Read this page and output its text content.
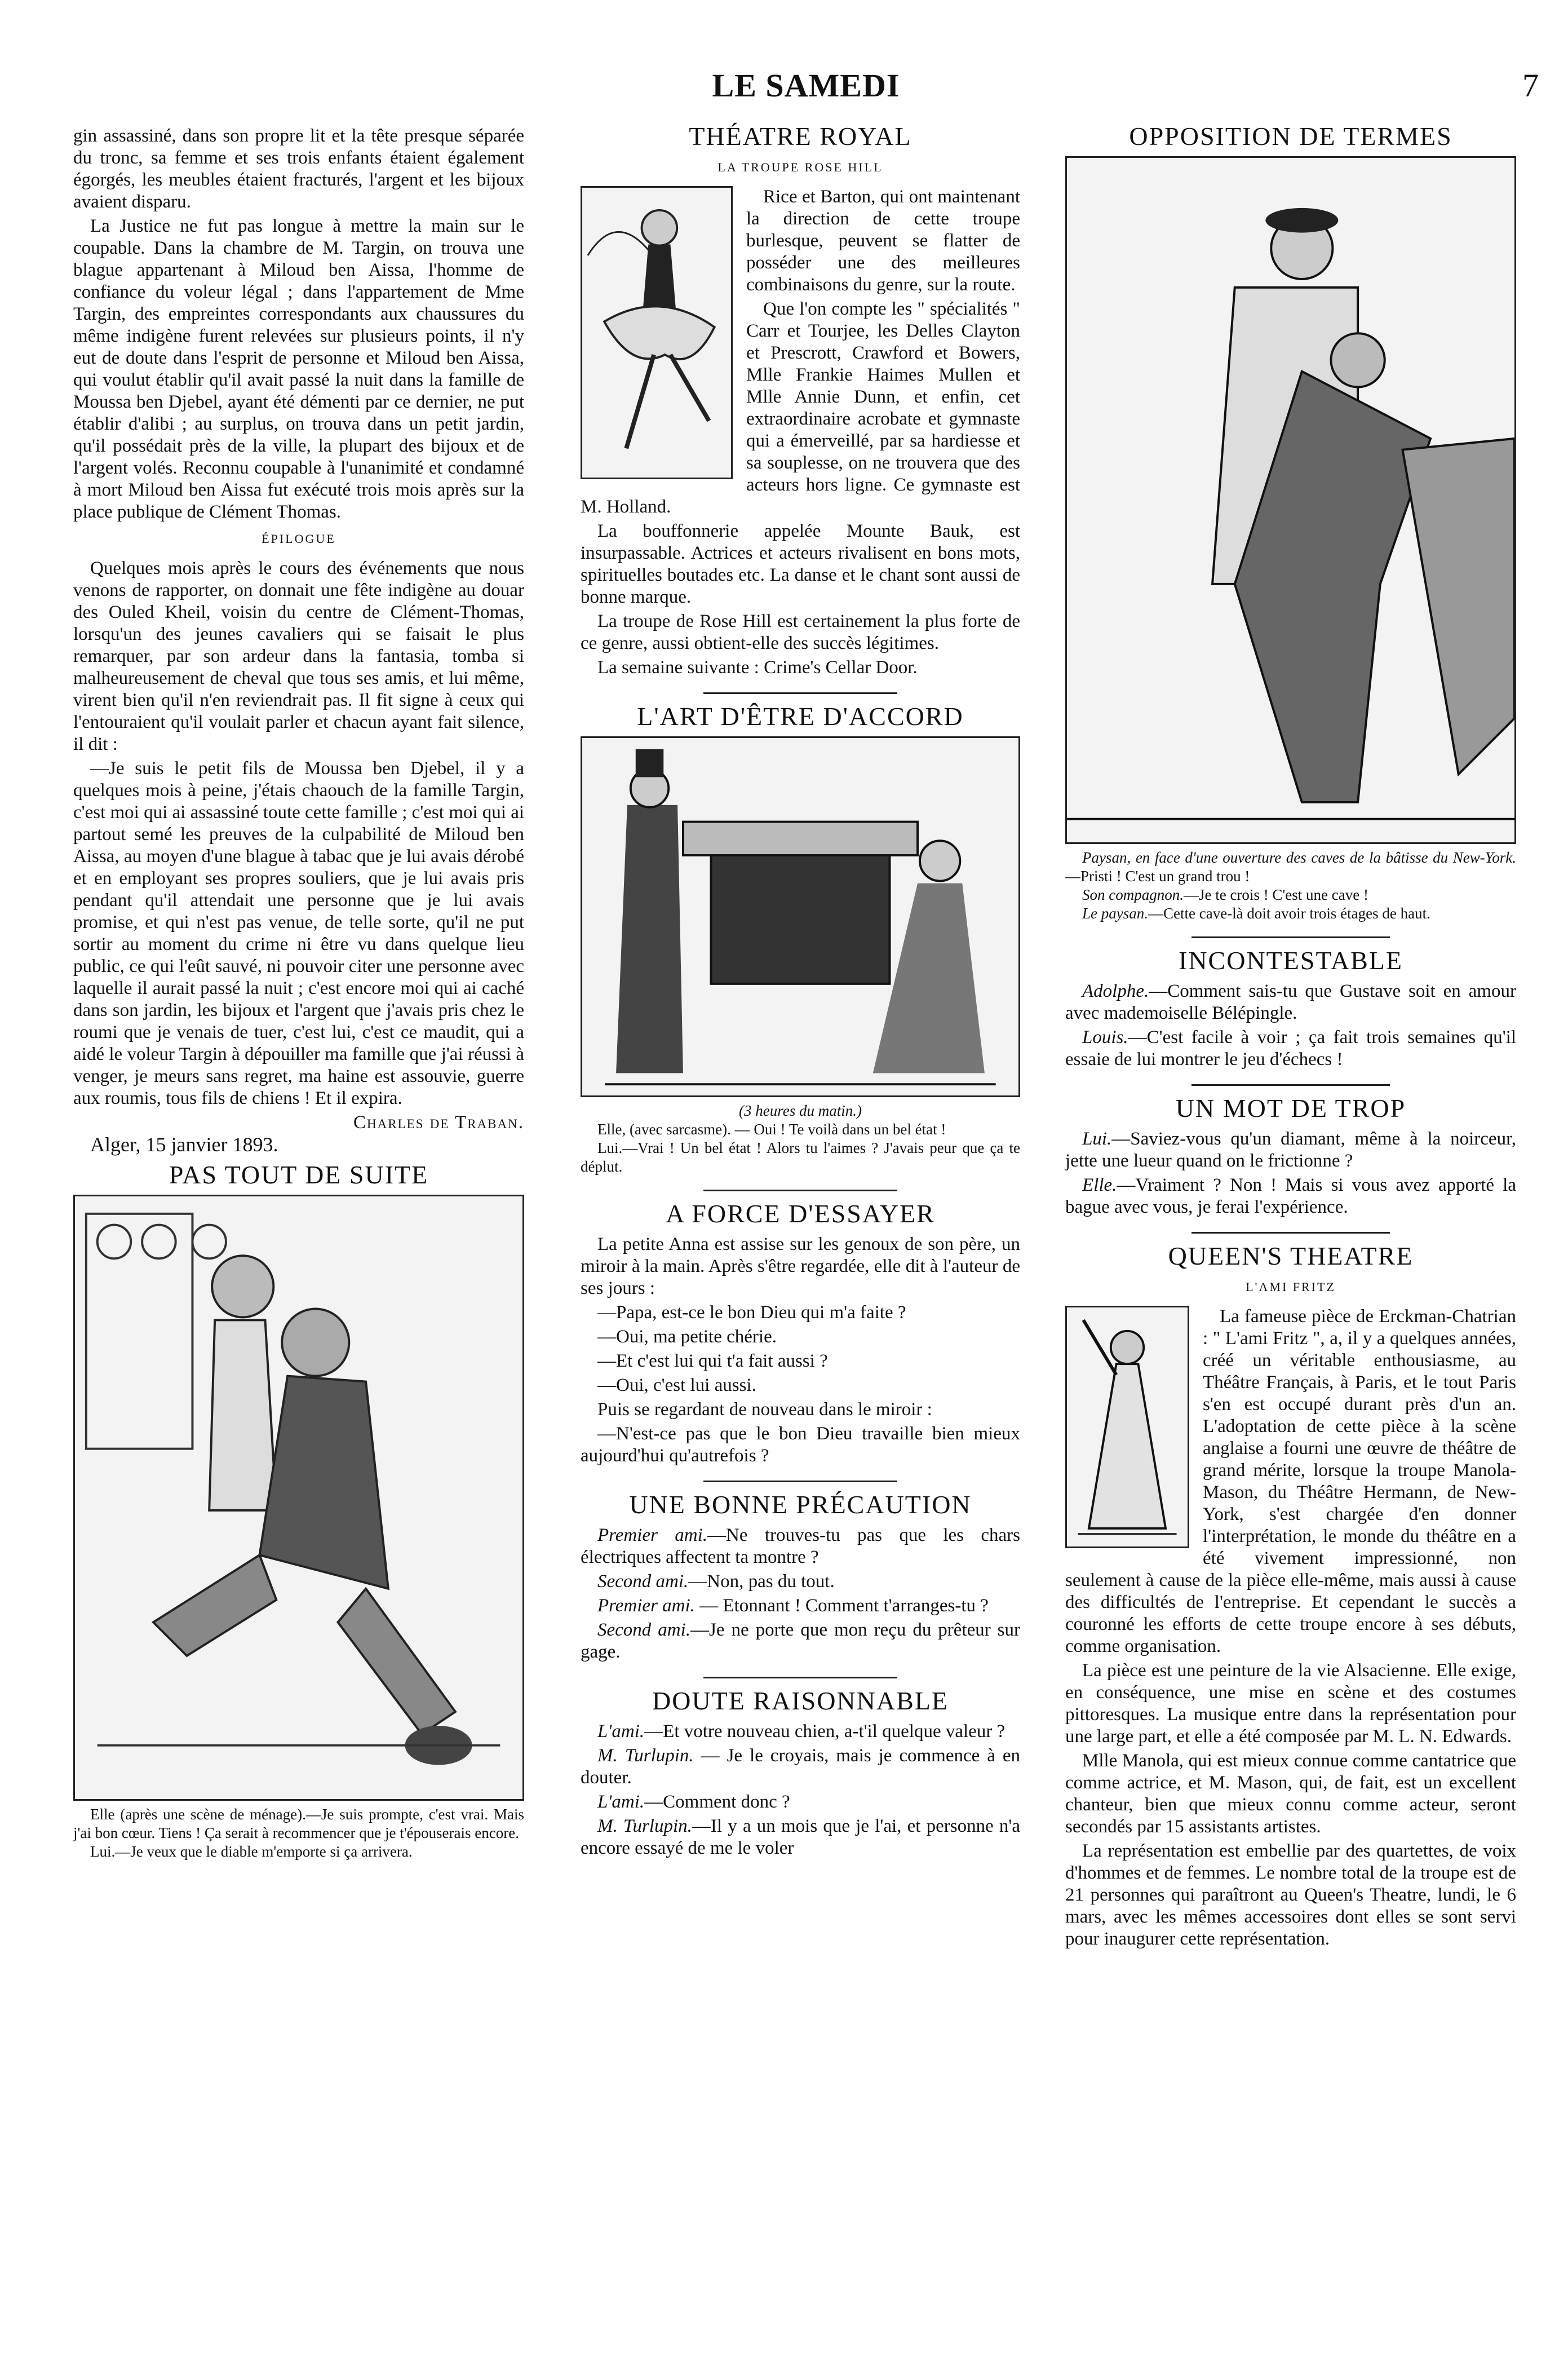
LE SAMEDI	7

gin assassiné, dans son propre lit et la tête presque séparée du tronc, sa femme et ses trois enfants étaient également égorgés, les meubles étaient fracturés, l'argent et les bijoux avaient disparu.

La Justice ne fut pas longue à mettre la main sur le coupable. Dans la chambre de M. Targin, on trouva une blague appartenant à Miloud ben Aissa, l'homme de confiance du voleur légal ; dans l'appartement de Mme Targin, des empreintes correspondants aux chaussures du même indigène furent relevées sur plusieurs points, il n'y eut de doute dans l'esprit de personne et Miloud ben Aissa, qui voulut établir qu'il avait passé la nuit dans la famille de Moussa ben Djebel, ayant été démenti par ce dernier, ne put établir d'alibi ; au surplus, on trouva dans un petit jardin, qu'il possédait près de la ville, la plupart des bijoux et de l'argent volés. Reconnu coupable à l'unanimité et condamné à mort Miloud ben Aissa fut exécuté trois mois après sur la place publique de Clément Thomas.

ÉPILOGUE

Quelques mois après le cours des événements que nous venons de rapporter, on donnait une fête indigène au douar des Ouled Kheil, voisin du centre de Clément-Thomas, lorsqu'un des jeunes cavaliers qui se faisait le plus remarquer, par son ardeur dans la fantasia, tomba si malheureusement de cheval que tous ses amis, et lui même, virent bien qu'il n'en reviendrait pas. Il fit signe à ceux qui l'entouraient qu'il voulait parler et chacun ayant fait silence, il dit :

—Je suis le petit fils de Moussa ben Djebel, il y a quelques mois à peine, j'étais chaouch de la famille Targin, c'est moi qui ai assassiné toute cette famille ; c'est moi qui ai partout semé les preuves de la culpabilité de Miloud ben Aissa, au moyen d'une blague à tabac que je lui avais dérobé et en employant ses propres souliers, que je lui avais pris pendant qu'il attendait une personne que je lui avais promise, et qui n'est pas venue, de telle sorte, qu'il ne put sortir au moment du crime ni être vu dans quelque lieu public, ce qui l'eût sauvé, ni pouvoir citer une personne avec laquelle il aurait passé la nuit ; c'est encore moi qui ai caché dans son jardin, les bijoux et l'argent que j'avais pris chez le roumi que je venais de tuer, c'est lui, c'est ce maudit, qui a aidé le voleur Targin à dépouiller ma famille que j'ai réussi à venger, je meurs sans regret, ma haine est assouvie, guerre aux roumis, tous fils de chiens ! Et il expira.

Charles de Traban.

Alger, 15 janvier 1893.

PAS TOUT DE SUITE

Elle (après une scène de ménage).—Je suis prompte, c'est vrai. Mais j'ai bon cœur. Tiens ! Ça serait à recommencer que je t'épouserais encore.

Lui.—Je veux que le diable m'emporte si ça arrivera.

THÉATRE ROYAL
LA TROUPE ROSE HILL

Rice et Barton, qui ont maintenant la direction de cette troupe burlesque, peuvent se flatter de posséder une des meilleures combinaisons du genre, sur la route.

Que l'on compte les " spécialités " Carr et Tourjee, les Delles Clayton et Prescrott, Crawford et Bowers, Mlle Frankie Haimes Mullen et Mlle Annie Dunn, et enfin, cet extraordinaire acrobate et gymnaste qui a émerveillé, par sa hardiesse et sa souplesse, on ne trouvera que des acteurs hors ligne. Ce gymnaste est M. Holland.

La bouffonnerie appelée Mounte Bauk, est insurpassable. Actrices et acteurs rivalisent en bons mots, spirituelles boutades etc. La danse et le chant sont aussi de bonne marque.

La troupe de Rose Hill est certainement la plus forte de ce genre, aussi obtient-elle des succès légitimes.

La semaine suivante : Crime's Cellar Door.

L'ART D'ÊTRE D'ACCORD
(3 heures du matin.)

Elle, (avec sarcasme). — Oui ! Te voilà dans un bel état !

Lui.—Vrai ! Un bel état ! Alors tu l'aimes ? J'avais peur que ça te déplut.

A FORCE D'ESSAYER

La petite Anna est assise sur les genoux de son père, un miroir à la main. Après s'être regardée, elle dit à l'auteur de ses jours :

—Papa, est-ce le bon Dieu qui m'a faite ?

—Oui, ma petite chérie.

—Et c'est lui qui t'a fait aussi ?

—Oui, c'est lui aussi.

Puis se regardant de nouveau dans le miroir :

—N'est-ce pas que le bon Dieu travaille bien mieux aujourd'hui qu'autrefois ?

UNE BONNE PRÉCAUTION

Premier ami.—Ne trouves-tu pas que les chars électriques affectent ta montre ?

Second ami.—Non, pas du tout.

Premier ami. — Etonnant ! Comment t'arranges-tu ?

Second ami.—Je ne porte que mon reçu du prêteur sur gage.

DOUTE RAISONNABLE

L'ami.—Et votre nouveau chien, a-t'il quelque valeur ?

M. Turlupin. — Je le croyais, mais je commence à en douter.

L'ami.—Comment donc ?

M. Turlupin.—Il y a un mois que je l'ai, et personne n'a encore essayé de me le voler

OPPOSITION DE TERMES

Paysan, en face d'une ouverture des caves de la bâtisse du New-York.—Pristi ! C'est un grand trou !

Son compagnon.—Je te crois ! C'est une cave !

Le paysan.—Cette cave-là doit avoir trois étages de haut.

INCONTESTABLE

Adolphe.—Comment sais-tu que Gustave soit en amour avec mademoiselle Bélépingle.

Louis.—C'est facile à voir ; ça fait trois semaines qu'il essaie de lui montrer le jeu d'échecs !

UN MOT DE TROP

Lui.—Saviez-vous qu'un diamant, même à la noirceur, jette une lueur quand on le frictionne ?

Elle.—Vraiment ? Non ! Mais si vous avez apporté la bague avec vous, je ferai l'expérience.

QUEEN'S THEATRE
L'AMI FRITZ

La fameuse pièce de Erckman-Chatrian : " L'ami Fritz ", a, il y a quelques années, créé un véritable enthousiasme, au Théâtre Français, à Paris, et le tout Paris s'en est occupé durant près d'un an. L'adoptation de cette pièce à la scène anglaise a fourni une œuvre de théâtre de grand mérite, lorsque la troupe Manola-Mason, du Théâtre Hermann, de New-York, s'est chargée d'en donner l'interprétation, le monde du théâtre en a été vivement impressionné, non seulement à cause de la pièce elle-même, mais aussi à cause des difficultés de l'entreprise. Et cependant le succès a couronné les efforts de cette troupe encore à ses débuts, comme organisation.

La pièce est une peinture de la vie Alsacienne. Elle exige, en conséquence, une mise en scène et des costumes pittoresques. La musique entre dans la représentation pour une large part, et elle a été composée par M. L. N. Edwards.

Mlle Manola, qui est mieux connue comme cantatrice que comme actrice, et M. Mason, qui, de fait, est un excellent chanteur, bien que mieux connu comme acteur, seront secondés par 15 assistants artistes.

La représentation est embellie par des quartettes, de voix d'hommes et de femmes. Le nombre total de la troupe est de 21 personnes qui paraîtront au Queen's Theatre, lundi, le 6 mars, avec les mêmes accessoires dont elles se sont servi pour inaugurer cette représentation.
